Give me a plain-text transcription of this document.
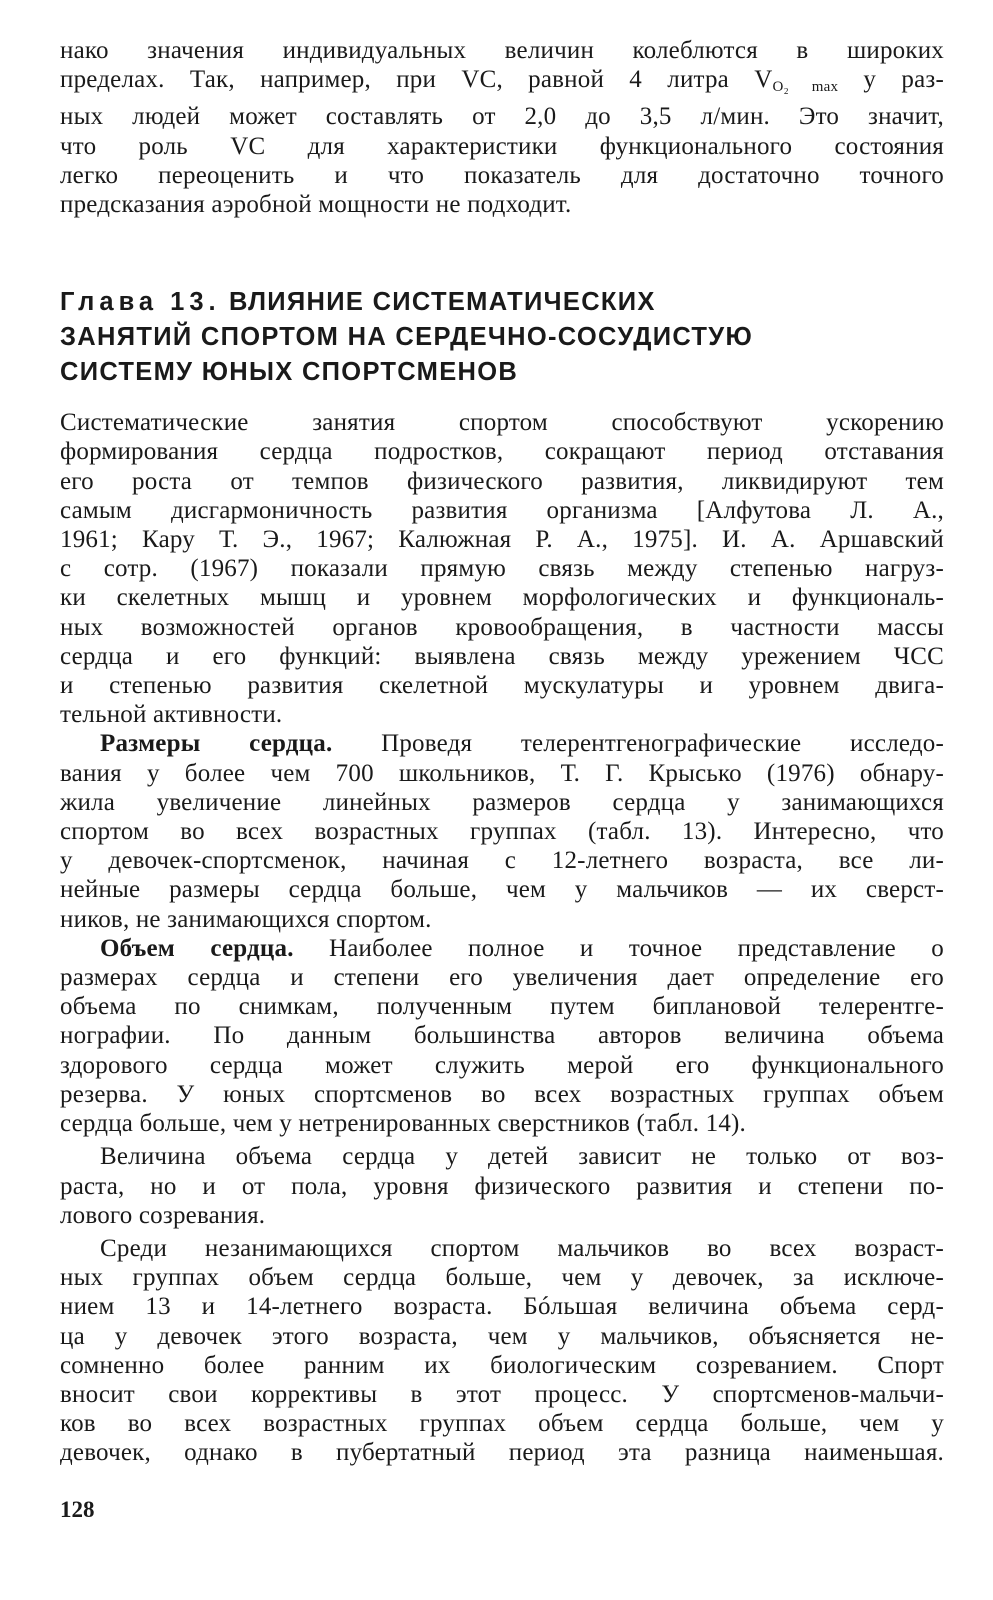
нако значения индивидуальных величин колеблются в широких
пределах. Так, например, при VC, равной 4 литра $V_{O_2 max}$ у раз-
ных людей может составлять от 2,0 до 3,5 л/мин. Это значит,
что роль VC для характеристики функционального состояния
легко переоценить и что показатель для достаточно точного
предсказания аэробной мощности не подходит.

Глава 13. ВЛИЯНИЕ СИСТЕМАТИЧЕСКИХ
ЗАНЯТИЙ СПОРТОМ НА СЕРДЕЧНО-СОСУДИСТУЮ
СИСТЕМУ ЮНЫХ СПОРТСМЕНОВ

Систематические занятия спортом способствуют ускорению
формирования сердца подростков, сокращают период отставания
его роста от темпов физического развития, ликвидируют тем
самым дисгармоничность развития организма [Алфутова Л. А.,
1961; Кару Т. Э., 1967; Калюжная Р. А., 1975]. И. А. Аршавский
с сотр. (1967) показали прямую связь между степенью нагруз-
ки скелетных мышц и уровнем морфологических и функциональ-
ных возможностей органов кровообращения, в частности массы
сердца и его функций: выявлена связь между урежением ЧСС
и степенью развития скелетной мускулатуры и уровнем двига-
тельной активности.

Размеры сердца. Проведя телерентгенографические исследо-
вания у более чем 700 школьников, Т. Г. Крысько (1976) обнару-
жила увеличение линейных размеров сердца у занимающихся
спортом во всех возрастных группах (табл. 13). Интересно, что
у девочек-спортсменок, начиная с 12-летнего возраста, все ли-
нейные размеры сердца больше, чем у мальчиков — их сверст-
ников, не занимающихся спортом.

Объем сердца. Наиболее полное и точное представление о
размерах сердца и степени его увеличения дает определение его
объема по снимкам, полученным путем биплановой телерентге-
нографии. По данным большинства авторов величина объема
здорового сердца может служить мерой его функционального
резерва. У юных спортсменов во всех возрастных группах объем
сердца больше, чем у нетренированных сверстников (табл. 14).

Величина объема сердца у детей зависит не только от воз-
раста, но и от пола, уровня физического развития и степени по-
лового созревания.

Среди незанимающихся спортом мальчиков во всех возраст-
ных группах объем сердца больше, чем у девочек, за исключе-
нием 13 и 14-летнего возраста. Бóльшая величина объема серд-
ца у девочек этого возраста, чем у мальчиков, объясняется не-
сомненно более ранним их биологическим созреванием. Спорт
вносит свои коррективы в этот процесс. У спортсменов-мальчи-
ков во всех возрастных группах объем сердца больше, чем у
девочек, однако в пубертатный период эта разница наименьшая.

128
